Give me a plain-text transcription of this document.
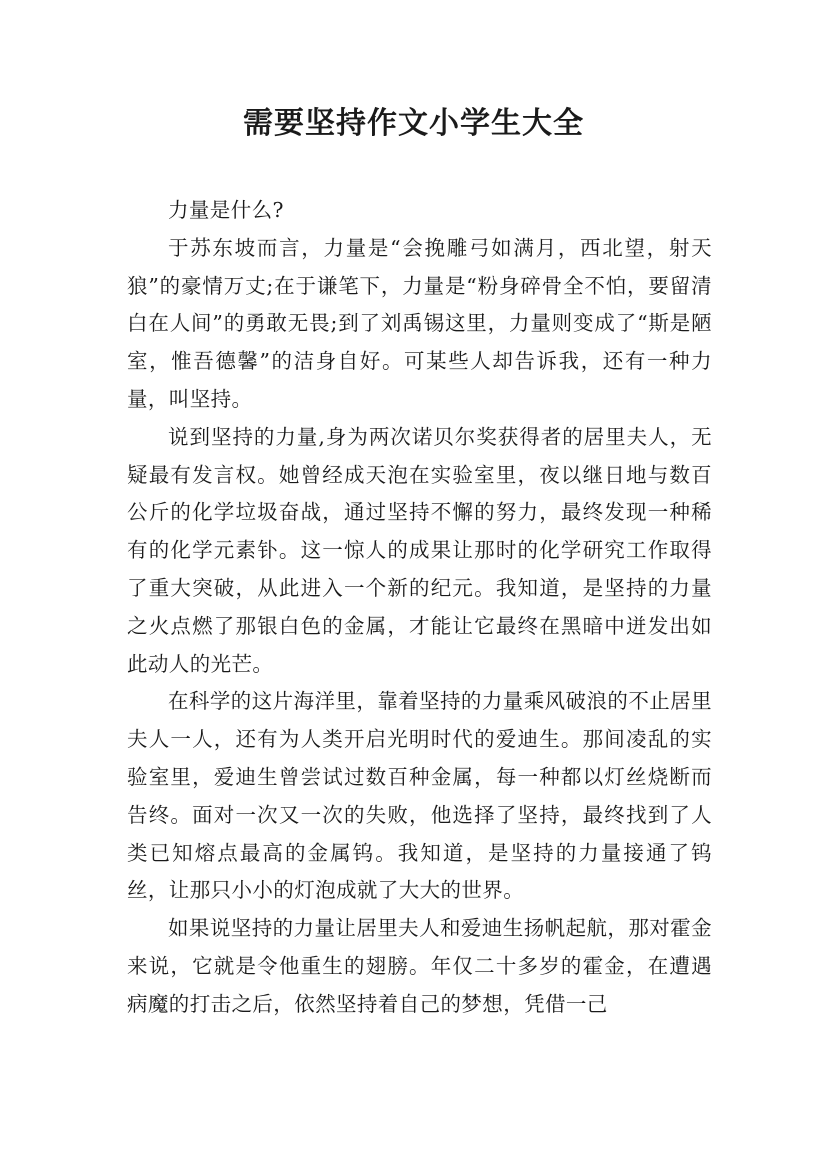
需要坚持作文小学生大全

力量是什么?

于苏东坡而言，力量是“会挽雕弓如满月，西北望，射天狼”的豪情万丈;在于谦笔下，力量是“粉身碎骨全不怕，要留清白在人间”的勇敢无畏;到了刘禹锡这里，力量则变成了“斯是陋室，惟吾德馨”的洁身自好。可某些人却告诉我，还有一种力量，叫坚持。

说到坚持的力量,身为两次诺贝尔奖获得者的居里夫人，无疑最有发言权。她曾经成天泡在实验室里，夜以继日地与数百公斤的化学垃圾奋战，通过坚持不懈的努力，最终发现一种稀有的化学元素钋。这一惊人的成果让那时的化学研究工作取得了重大突破，从此进入一个新的纪元。我知道，是坚持的力量之火点燃了那银白色的金属，才能让它最终在黑暗中迸发出如此动人的光芒。

在科学的这片海洋里，靠着坚持的力量乘风破浪的不止居里夫人一人，还有为人类开启光明时代的爱迪生。那间凌乱的实验室里，爱迪生曾尝试过数百种金属，每一种都以灯丝烧断而告终。面对一次又一次的失败，他选择了坚持，最终找到了人类已知熔点最高的金属钨。我知道，是坚持的力量接通了钨丝，让那只小小的灯泡成就了大大的世界。

如果说坚持的力量让居里夫人和爱迪生扬帆起航，那对霍金来说，它就是令他重生的翅膀。年仅二十多岁的霍金，在遭遇病魔的打击之后，依然坚持着自己的梦想，凭借一己
